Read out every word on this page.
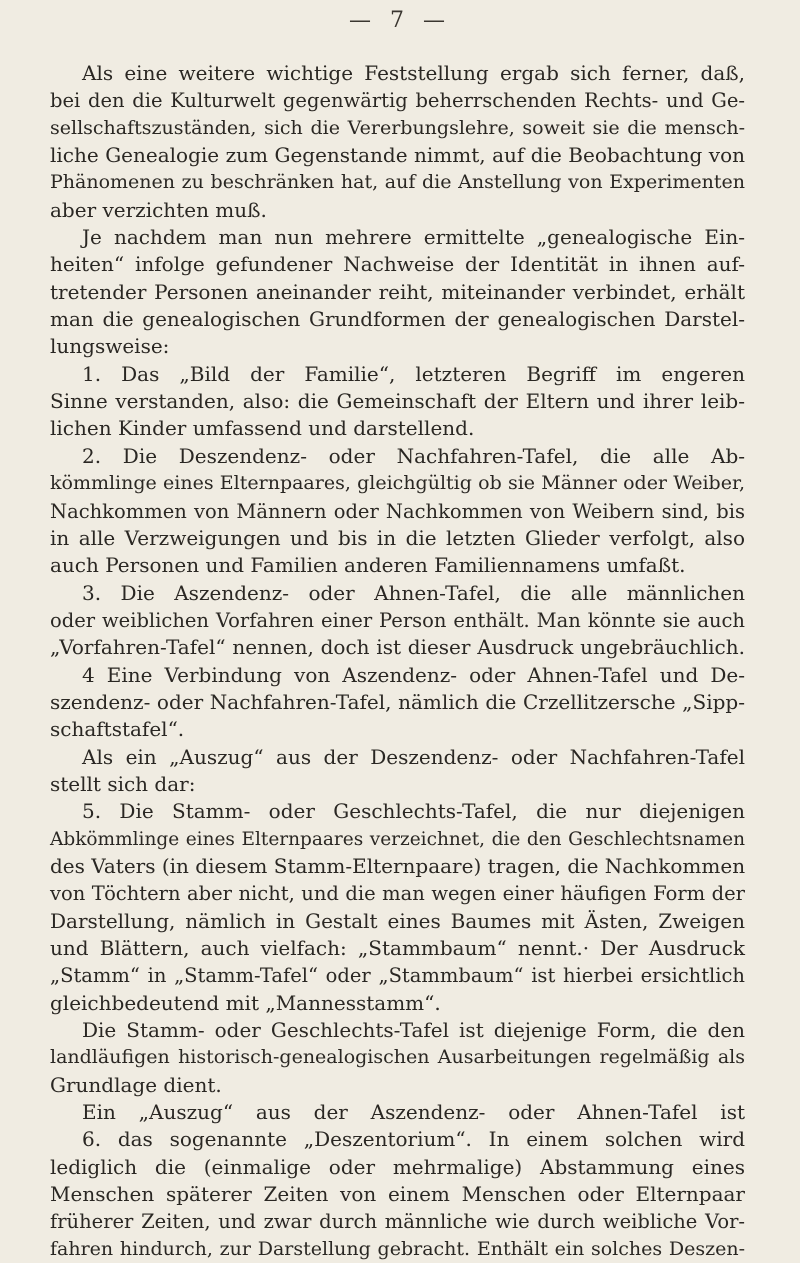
— 7 —
Als eine weitere wichtige Feststellung ergab sich ferner, daß,
bei den die Kulturwelt gegenwärtig beherrschenden Rechts- und Ge-
sellschaftszuständen, sich die Vererbungslehre, soweit sie die mensch-
liche Genealogie zum Gegenstande nimmt, auf die Beobachtung von
Phänomenen zu beschränken hat, auf die Anstellung von Experimenten
aber verzichten muß.
Je nachdem man nun mehrere ermittelte „genealogische Ein-
heiten“ infolge gefundener Nachweise der Identität in ihnen auf-
tretender Personen aneinander reiht, miteinander verbindet, erhält
man die genealogischen Grundformen der genealogischen Darstel-
lungsweise:
1. Das „Bild der Familie“, letzteren Begriff im engeren
Sinne verstanden, also: die Gemeinschaft der Eltern und ihrer leib-
lichen Kinder umfassend und darstellend.
2. Die Deszendenz- oder Nachfahren-Tafel, die alle Ab-
kömmlinge eines Elternpaares, gleichgültig ob sie Männer oder Weiber,
Nachkommen von Männern oder Nachkommen von Weibern sind, bis
in alle Verzweigungen und bis in die letzten Glieder verfolgt, also
auch Personen und Familien anderen Familiennamens umfaßt.
3. Die Aszendenz- oder Ahnen-Tafel, die alle männlichen
oder weiblichen Vorfahren einer Person enthält. Man könnte sie auch
„Vorfahren-Tafel“ nennen, doch ist dieser Ausdruck ungebräuchlich.
4 Eine Verbindung von Aszendenz- oder Ahnen-Tafel und De-
szendenz- oder Nachfahren-Tafel, nämlich die Crzellitzersche „Sipp-
schaftstafel“.
Als ein „Auszug“ aus der Deszendenz- oder Nachfahren-Tafel
stellt sich dar:
5. Die Stamm- oder Geschlechts-Tafel, die nur diejenigen
Abkömmlinge eines Elternpaares verzeichnet, die den Geschlechtsnamen
des Vaters (in diesem Stamm-Elternpaare) tragen, die Nachkommen
von Töchtern aber nicht, und die man wegen einer häufigen Form der
Darstellung, nämlich in Gestalt eines Baumes mit Ästen, Zweigen
und Blättern, auch vielfach: „Stammbaum“ nennt.· Der Ausdruck
„Stamm“ in „Stamm-Tafel“ oder „Stammbaum“ ist hierbei ersichtlich
gleichbedeutend mit „Mannesstamm“.
Die Stamm- oder Geschlechts-Tafel ist diejenige Form, die den
landläufigen historisch-genealogischen Ausarbeitungen regelmäßig als
Grundlage dient.
Ein „Auszug“ aus der Aszendenz- oder Ahnen-Tafel ist
6. das sogenannte „Deszentorium“. In einem solchen wird
lediglich die (einmalige oder mehrmalige) Abstammung eines
Menschen späterer Zeiten von einem Menschen oder Elternpaar
früherer Zeiten, und zwar durch männliche wie durch weibliche Vor-
fahren hindurch, zur Darstellung gebracht. Enthält ein solches Deszen-
